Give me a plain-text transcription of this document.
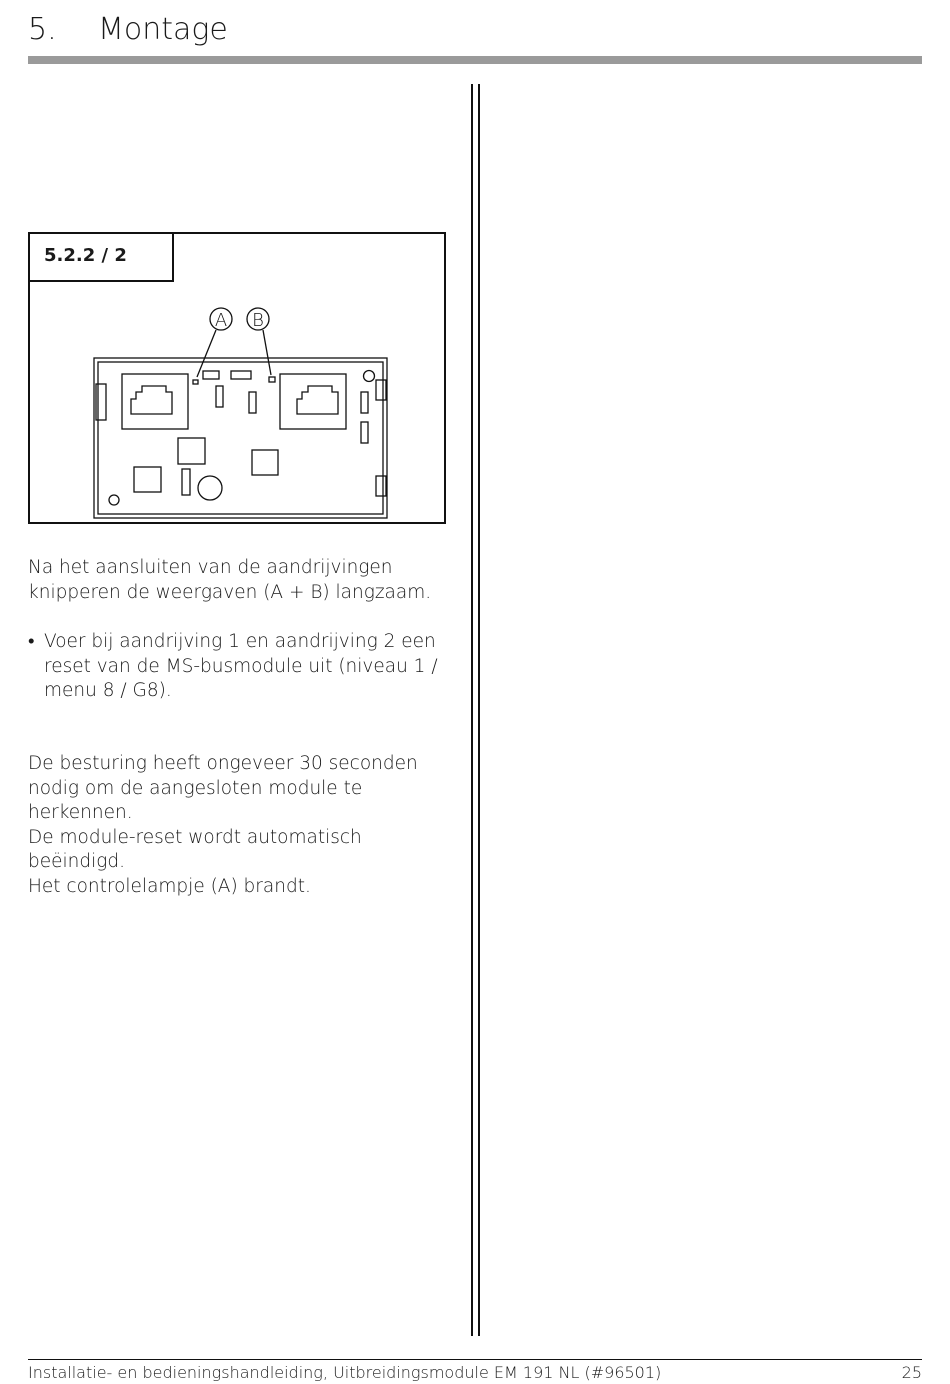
5. Montage
A B
5.2.2 / 2
Na het aansluiten van de aandrijvingen knipperen de weergaven (A + B) langzaam.
• Voer bij aandrijving 1 en aandrijving 2 een reset van de MS-busmodule uit (niveau 1 / menu 8 / G8).
De besturing heeft ongeveer 30 seconden nodig om de aangesloten module te herkennen.
De module-reset wordt automatisch beëindigd.
Het controlelampje (A) brandt.
Installatie- en bedieningshandleiding, Uitbreidingsmodule EM 191 NL (#96501)	25
